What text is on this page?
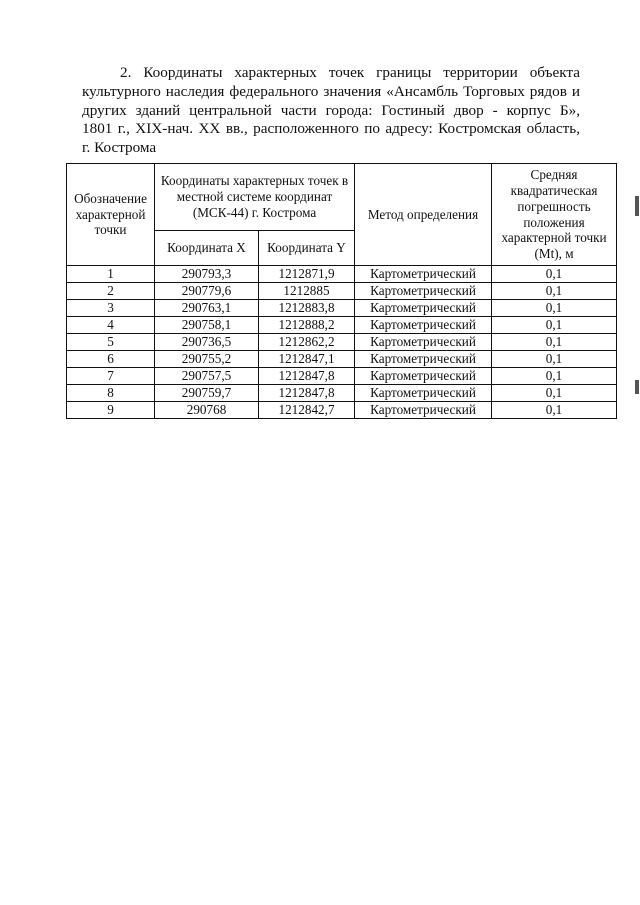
2. Координаты характерных точек границы территории объекта
культурного наследия федерального значения «Ансамбль Торговых рядов и
других зданий центральной части города: Гостиный двор - корпус Б»,
1801 г., XIX-нач. XX вв., расположенного по адресу: Костромская область,
г. Кострома
Обозначение характерной точки	Координаты характерных точек в местной системе координат (МСК-44) г. Кострома		Метод определения	Средняя квадратическая погрешность положения характерной точки (Mt), м
	Координата X	Координата Y		
1	290793,3	1212871,9	Картометрический	0,1
2	290779,6	1212885	Картометрический	0,1
3	290763,1	1212883,8	Картометрический	0,1
4	290758,1	1212888,2	Картометрический	0,1
5	290736,5	1212862,2	Картометрический	0,1
6	290755,2	1212847,1	Картометрический	0,1
7	290757,5	1212847,8	Картометрический	0,1
8	290759,7	1212847,8	Картометрический	0,1
9	290768	1212842,7	Картометрический	0,1
